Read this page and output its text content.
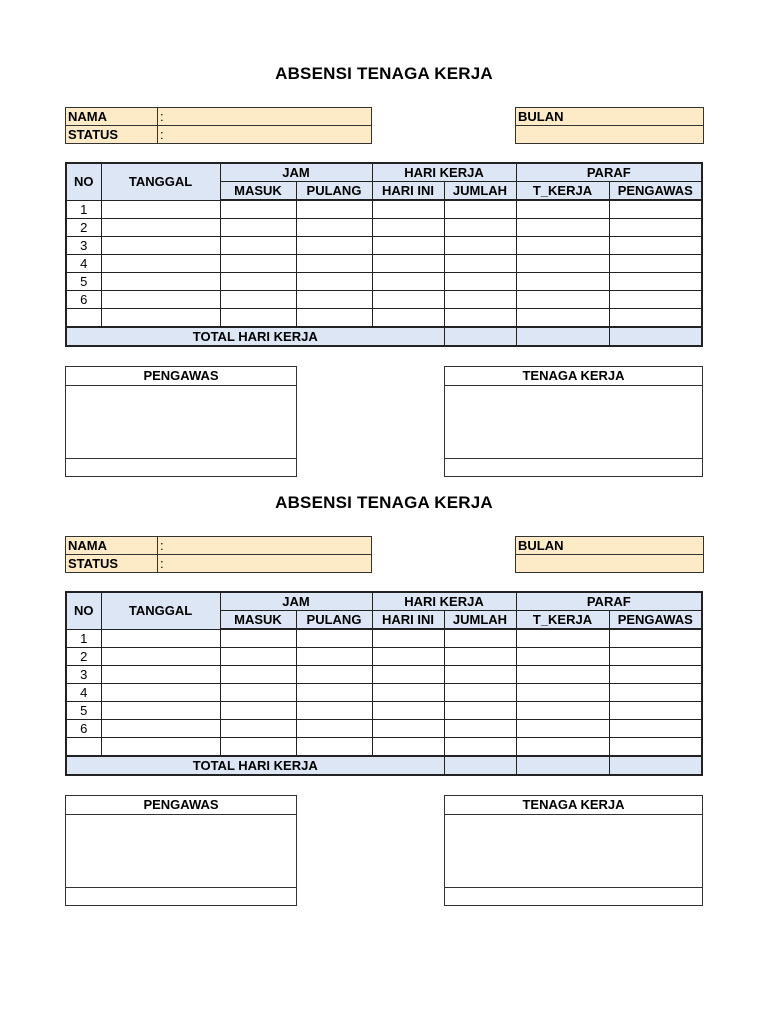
ABSENSI TENAGA KERJA
NAMA	:
STATUS	:
BULAN

NO	TANGGAL	JAM		HARI KERJA		PARAF	
		MASUK	PULANG	HARI INI	JUMLAH	T_KERJA	PENGAWAS
1							
2							
3							
4							
5							
6							

TOTAL HARI KERJA							
PENGAWAS	TENAGA KERJA
ABSENSI TENAGA KERJA
NAMA	:
STATUS	:
BULAN

NO	TANGGAL	JAM		HARI KERJA		PARAF	
		MASUK	PULANG	HARI INI	JUMLAH	T_KERJA	PENGAWAS
1							
2							
3							
4							
5							
6							

TOTAL HARI KERJA							
PENGAWAS	TENAGA KERJA
